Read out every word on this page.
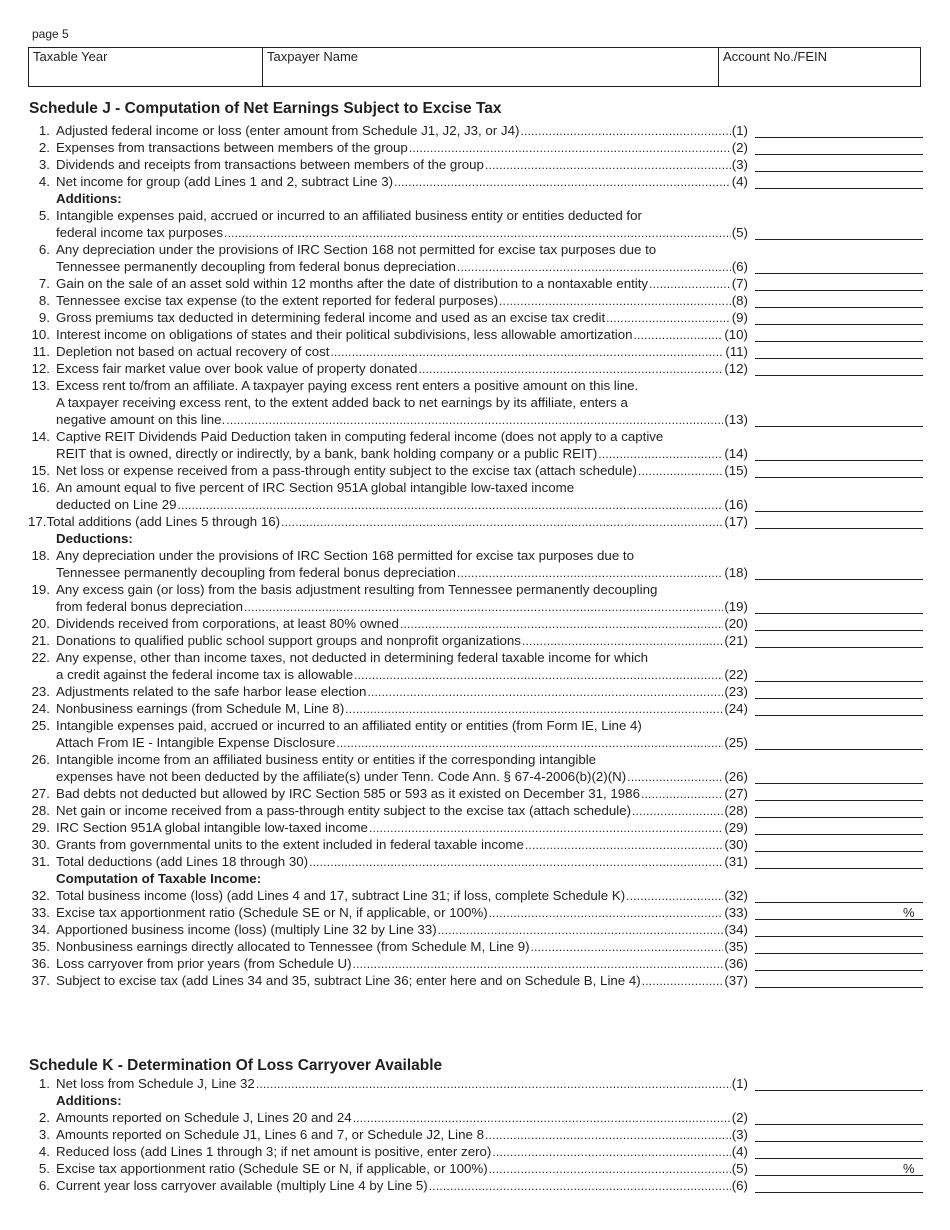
page 5
Taxable Year	Taxpayer Name	Account No./FEIN
Schedule J - Computation of Net Earnings Subject to Excise Tax
1. Adjusted federal income or loss (enter amount from Schedule J1, J2, J3, or J4) .....	(1)
2. Expenses from transactions between members of the group .....	(2)
3. Dividends and receipts from transactions between members of the group .....	(3)
4. Net income for group (add Lines 1 and 2, subtract Line 3) .....	(4)
Additions:
5. Intangible expenses paid, accrued or incurred to an affiliated business entity or entities deducted for
federal income tax purposes .....	(5)
6. Any depreciation under the provisions of IRC Section 168 not permitted for excise tax purposes due to
Tennessee permanently decoupling from federal bonus depreciation .....	(6)
7. Gain on the sale of an asset sold within 12 months after the date of distribution to a nontaxable entity .....	(7)
8. Tennessee excise tax expense (to the extent reported for federal purposes) .....	(8)
9. Gross premiums tax deducted in determining federal income and used as an excise tax credit .....	(9)
10. Interest income on obligations of states and their political subdivisions, less allowable amortization .....	(10)
11. Depletion not based on actual recovery of cost .....	(11)
12. Excess fair market value over book value of property donated .....	(12)
13. Excess rent to/from an affiliate. A taxpayer paying excess rent enters a positive amount on this line.
A taxpayer receiving excess rent, to the extent added back to net earnings by its affiliate, enters a
negative amount on this line. .....	(13)
14. Captive REIT Dividends Paid Deduction taken in computing federal income (does not apply to a captive
REIT that is owned, directly or indirectly, by a bank, bank holding company or a public REIT) .....	(14)
15. Net loss or expense received from a pass-through entity subject to the excise tax (attach schedule) .....	(15)
16. An amount equal to five percent of IRC Section 951A global intangible low-taxed income
deducted on Line 29 .....	(16)
17.Total additions (add Lines 5 through 16) .....	(17)
Deductions:
18. Any depreciation under the provisions of IRC Section 168 permitted for excise tax purposes due to
Tennessee permanently decoupling from federal bonus depreciation .....	(18)
19. Any excess gain (or loss) from the basis adjustment resulting from Tennessee permanently decoupling
from federal bonus depreciation .....	(19)
20. Dividends received from corporations, at least 80% owned .....	(20)
21. Donations to qualified public school support groups and nonprofit organizations .....	(21)
22. Any expense, other than income taxes, not deducted in determining federal taxable income for which
a credit against the federal income tax is allowable .....	(22)
23. Adjustments related to the safe harbor lease election .....	(23)
24. Nonbusiness earnings (from Schedule M, Line 8) .....	(24)
25. Intangible expenses paid, accrued or incurred to an affiliated entity or entities (from Form IE, Line 4)
Attach From IE - Intangible Expense Disclosure .....	(25)
26. Intangible income from an affiliated business entity or entities if the corresponding intangible
expenses have not been deducted by the affiliate(s) under Tenn. Code Ann. § 67-4-2006(b)(2)(N) .....	(26)
27. Bad debts not deducted but allowed by IRC Section 585 or 593 as it existed on December 31, 1986 .....	(27)
28. Net gain or income received from a pass-through entity subject to the excise tax (attach schedule) .....	(28)
29. IRC Section 951A global intangible low-taxed income .....	(29)
30. Grants from governmental units to the extent included in federal taxable income .....	(30)
31. Total deductions (add Lines 18 through 30) .....	(31)
Computation of Taxable Income:
32. Total business income (loss) (add Lines 4 and 17, subtract Line 31; if loss, complete Schedule K) .....	(32)
33. Excise tax apportionment ratio (Schedule SE or N, if applicable, or 100%) .....	(33)	%
34. Apportioned business income (loss) (multiply Line 32 by Line 33) .....	(34)
35. Nonbusiness earnings directly allocated to Tennessee (from Schedule M, Line 9) .....	(35)
36. Loss carryover from prior years (from Schedule U) .....	(36)
37. Subject to excise tax (add Lines 34 and 35, subtract Line 36; enter here and on Schedule B, Line 4) .....	(37)
Schedule K - Determination Of Loss Carryover Available
1. Net loss from Schedule J, Line 32 .....	(1)
Additions:
2. Amounts reported on Schedule J, Lines 20 and 24 .....	(2)
3. Amounts reported on Schedule J1, Lines 6 and 7, or Schedule J2, Line 8 .....	(3)
4. Reduced loss (add Lines 1 through 3; if net amount is positive, enter zero) .....	(4)
5. Excise tax apportionment ratio (Schedule SE or N, if applicable, or 100%) .....	(5)	%
6. Current year loss carryover available (multiply Line 4 by Line 5) .....	(6)
